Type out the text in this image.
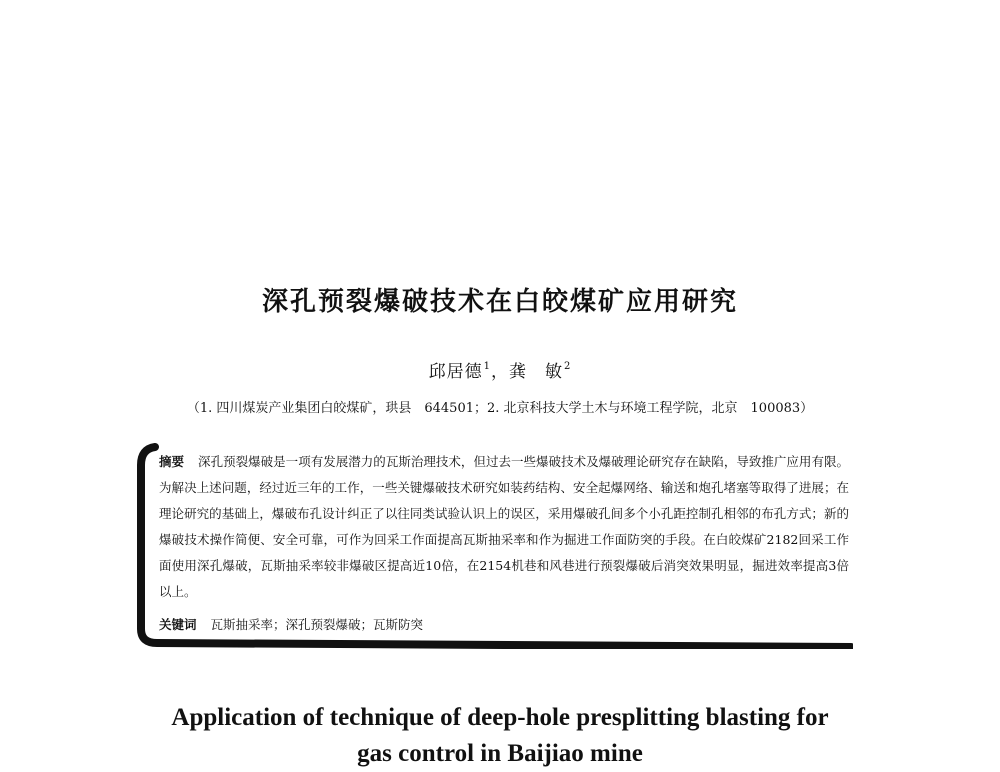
深孔预裂爆破技术在白皎煤矿应用研究
邱居德$^1$，龚　敏$^2$
（1. 四川煤炭产业集团白皎煤矿，珙县　644501；2. 北京科技大学土木与环境工程学院，北京　100083）
摘要 深孔预裂爆破是一项有发展潜力的瓦斯治理技术，但过去一些爆破技术及爆破理论研究存在缺陷，导致推广应用有限。为解决上述问题，经过近三年的工作，一些关键爆破技术研究如装药结构、安全起爆网络、输送和炮孔堵塞等取得了进展；在理论研究的基础上，爆破布孔设计纠正了以往同类试验认识上的误区，采用爆破孔间多个小孔距控制孔相邻的布孔方式；新的爆破技术操作简便、安全可靠，可作为回采工作面提高瓦斯抽采率和作为掘进工作面防突的手段。在白皎煤矿2182回采工作面使用深孔爆破，瓦斯抽采率较非爆破区提高近10倍，在2154机巷和风巷进行预裂爆破后消突效果明显，掘进效率提高3倍以上。
关键词 瓦斯抽采率；深孔预裂爆破；瓦斯防突
Application of technique of deep-hole presplitting blasting for
gas control in Baijiao mine
